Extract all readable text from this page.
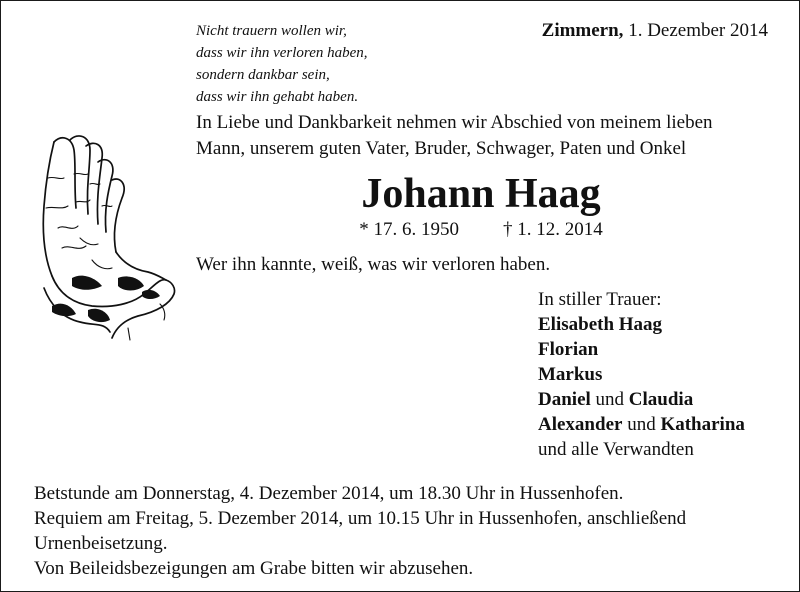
Nicht trauern wollen wir,
dass wir ihn verloren haben,
sondern dankbar sein,
dass wir ihn gehabt haben.
Zimmern, 1. Dezember 2014
In Liebe und Dankbarkeit nehmen wir Abschied von meinem lieben
Mann, unserem guten Vater, Bruder, Schwager, Paten und Onkel
Johann Haag
* 17. 6. 1950 † 1. 12. 2014
Wer ihn kannte, weiß, was wir verloren haben.
In stiller Trauer:
Elisabeth Haag
Florian
Markus
Daniel und Claudia
Alexander und Katharina
und alle Verwandten
Betstunde am Donnerstag, 4. Dezember 2014, um 18.30 Uhr in Hussenhofen.
Requiem am Freitag, 5. Dezember 2014, um 10.15 Uhr in Hussenhofen, anschließend
Urnenbeisetzung.
Von Beileidsbezeigungen am Grabe bitten wir abzusehen.
